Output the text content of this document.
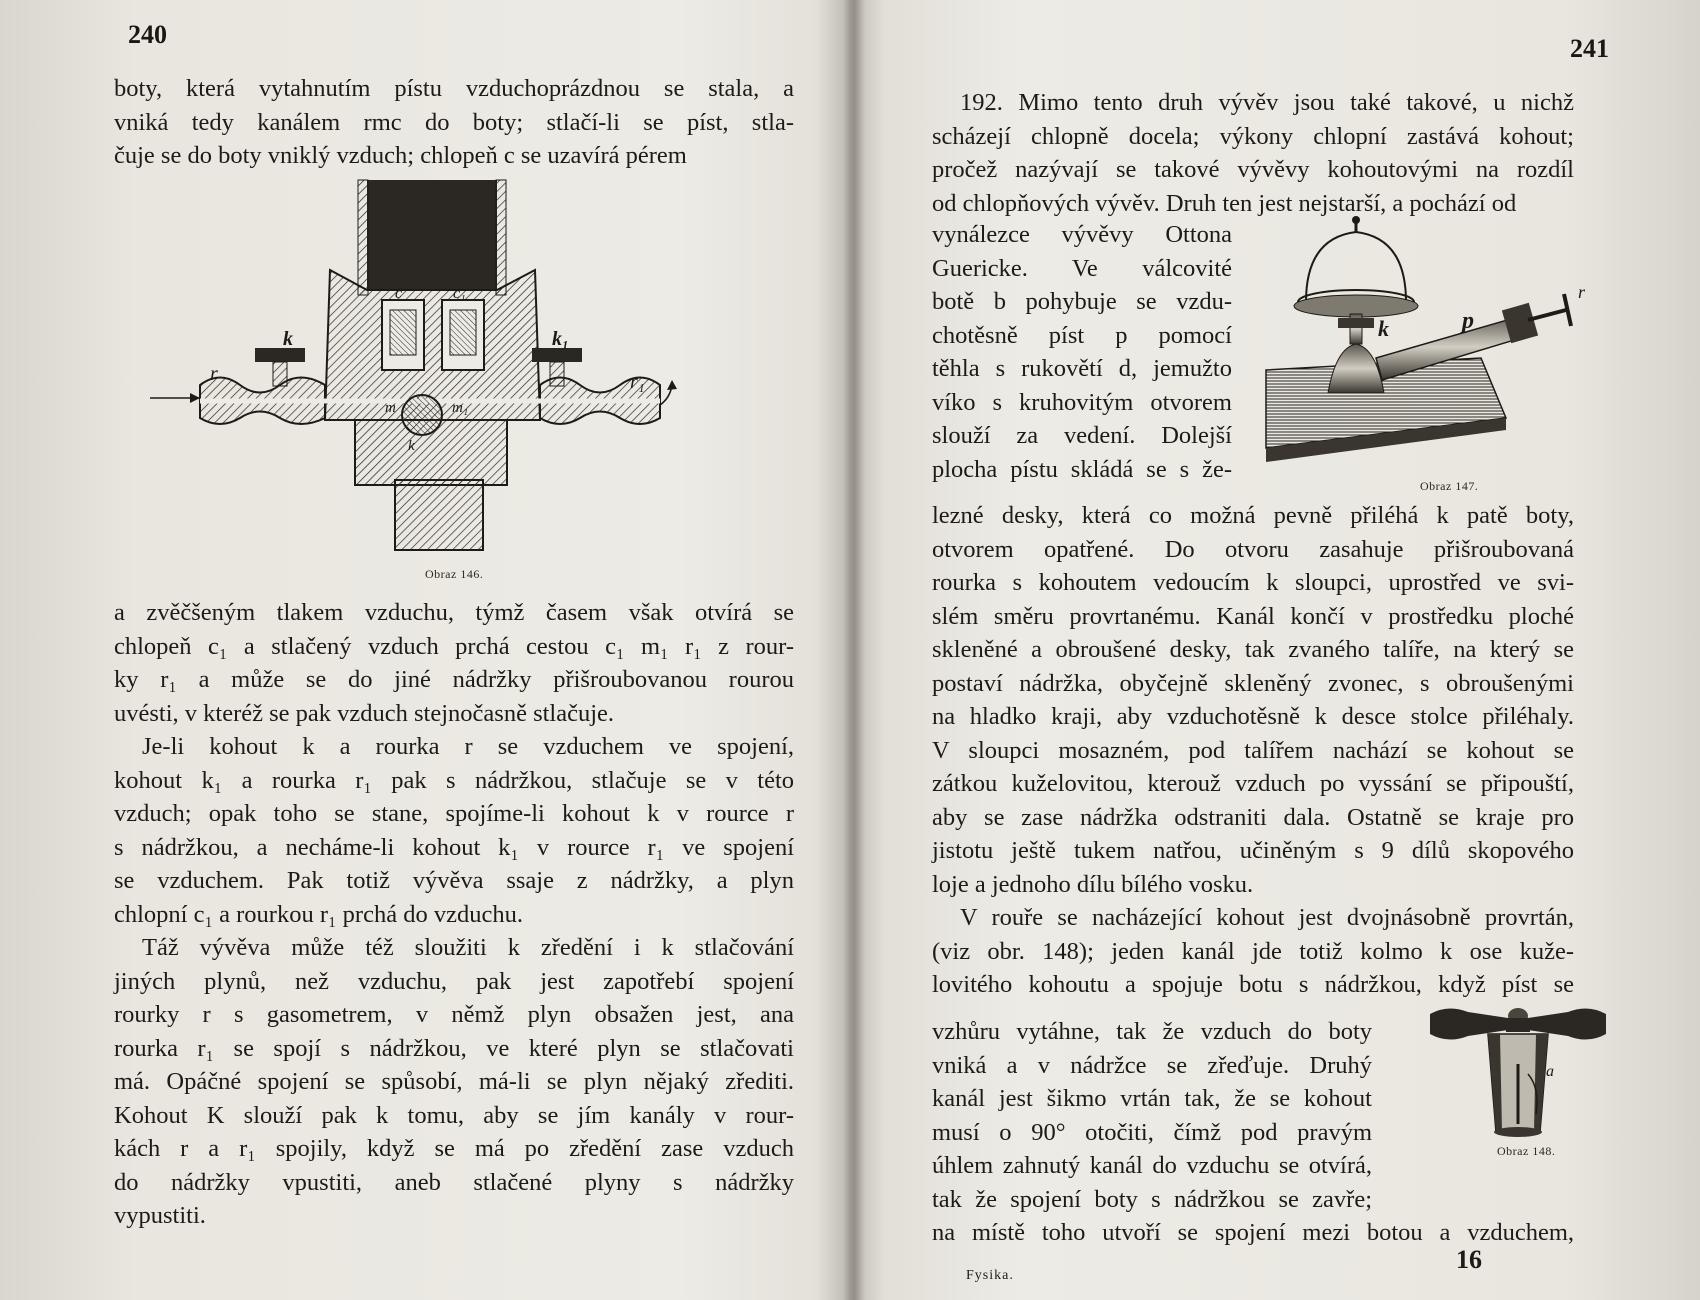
240
boty, která vytahnutím pístu vzduchoprázdnou se stala, a
vniká tedy kanálem rmc do boty; stlačí-li se píst, stla-
čuje se do boty vniklý vzduch; chlopeň c se uzavírá pérem
k	k₁
r	r₁
c	c₁
m	m₁
k
Obraz 146.
a zvěčšeným tlakem vzduchu, týmž časem však otvírá se
chlopeň c₁ a stlačený vzduch prchá cestou c₁ m₁ r₁ z rour-
ky r₁ a může se do jiné nádržky přišroubovanou rourou
uvésti, v kteréž se pak vzduch stejnočasně stlačuje.
Je-li kohout k a rourka r se vzduchem ve spojení,
kohout k₁ a rourka r₁ pak s nádržkou, stlačuje se v této
vzduch; opak toho se stane, spojíme-li kohout k v rource r
s nádržkou, a necháme-li kohout k₁ v rource r₁ ve spojení
se vzduchem. Pak totiž vývěva ssaje z nádržky, a plyn
chlopní c₁ a rourkou r₁ prchá do vzduchu.
Táž vývěva může též sloužiti k zředění i k stlačování
jiných plynů, než vzduchu, pak jest zapotřebí spojení
rourky r s gasometrem, v němž plyn obsažen jest, ana
rourka r₁ se spojí s nádržkou, ve které plyn se stlačovati
má. Opáčné spojení se spůsobí, má-li se plyn nějaký zřediti.
Kohout K slouží pak k tomu, aby se jím kanály v rour-
kách r a r₁ spojily, když se má po zředění zase vzduch
do nádržky vpustiti, aneb stlačené plyny s nádržky
vypustiti.
241
192. Mimo tento druh vývěv jsou také takové, u nichž
scházejí chlopně docela; výkony chlopní zastává kohout;
pročež nazývají se takové vývěvy kohoutovými na rozdíl
od chlopňových vývěv. Druh ten jest nejstarší, a pochází od
vynálezce vývěvy Ottona
Guericke. Ve válcovité
botě b pohybuje se vzdu-
chotěsně píst p pomocí
těhla s rukovětí d, jemužto
víko s kruhovitým otvorem
slouží za vedení. Dolejší
plocha pístu skládá se s že-
lezné desky, která co možná pevně přiléhá k patě boty,
otvorem opatřené. Do otvoru zasahuje přišroubovaná
rourka s kohoutem vedoucím k sloupci, uprostřed ve svi-
slém směru provrtanému. Kanál končí v prostředku ploché
skleněné a obroušené desky, tak zvaného talíře, na který se
postaví nádržka, obyčejně skleněný zvonec, s obroušenými
na hladko kraji, aby vzduchotěsně k desce stolce přiléhaly.
V sloupci mosazném, pod talířem nachází se kohout se
zátkou kuželovitou, kterouž vzduch po vyssání se připouští,
aby se zase nádržka odstraniti dala. Ostatně se kraje pro
jistotu ještě tukem natřou, učiněným s 9 dílů skopového
loje a jednoho dílu bílého vosku.
V rouře se nacházející kohout jest dvojnásobně provrtán,
(viz obr. 148); jeden kanál jde totiž kolmo k ose kuže-
lovitého kohoutu a spojuje botu s nádržkou, když píst se
vzhůru vytáhne, tak že vzduch do boty
vniká a v nádržce se zřeďuje. Druhý
kanál jest šikmo vrtán tak, že se kohout
musí o 90° otočiti, čímž pod pravým
úhlem zahnutý kanál do vzduchu se otvírá,
tak že spojení boty s nádržkou se zavře;
na místě toho utvoří se spojení mezi botou a vzduchem,
k	p
r
Obraz 147.
a
Obraz 148.
Fysika.
16
